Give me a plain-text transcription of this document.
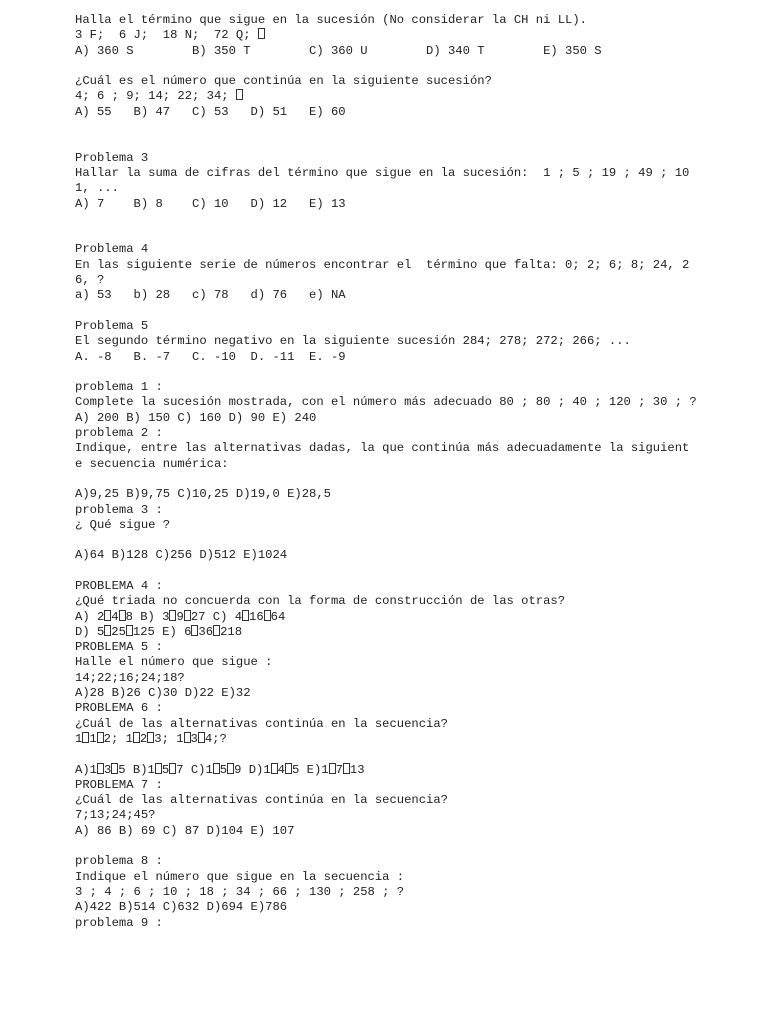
Halla el término que sigue en la sucesión (No considerar la CH ni LL).
3 F;  6 J;  18 N;  72 Q;
A) 360 S        B) 350 T        C) 360 U        D) 340 T        E) 350 S
¿Cuál es el número que continúa en la siguiente sucesión?
4; 6 ; 9; 14; 22; 34;
A) 55   B) 47   C) 53   D) 51   E) 60
Problema 3
Hallar la suma de cifras del término que sigue en la sucesión:  1 ; 5 ; 19 ; 49 ; 10
1, ...
A) 7    B) 8    C) 10   D) 12   E) 13
Problema 4
En las siguiente serie de números encontrar el  término que falta: 0; 2; 6; 8; 24, 2
6, ?
a) 53   b) 28   c) 78   d) 76   e) NA
Problema 5
El segundo término negativo en la siguiente sucesión 284; 278; 272; 266; ...
A. -8   B. -7   C. -10  D. -11  E. -9
problema 1 :
Complete la sucesión mostrada, con el número más adecuado 80 ; 80 ; 40 ; 120 ; 30 ; ?
A) 200 B) 150 C) 160 D) 90 E) 240
problema 2 :
Indique, entre las alternativas dadas, la que continúa más adecuadamente la siguient
e secuencia numérica:
A)9,25 B)9,75 C)10,25 D)19,0 E)28,5
problema 3 :
¿ Qué sigue ?
A)64 B)128 C)256 D)512 E)1024
PROBLEMA 4 :
¿Qué triada no concuerda con la forma de construcción de las otras?
A) 2 4 8 B) 3 9 27 C) 4 16 64
D) 5 25 125 E) 6 36 218
PROBLEMA 5 :
Halle el número que sigue :
14;22;16;24;18?
A)28 B)26 C)30 D)22 E)32
PROBLEMA 6 :
¿Cuál de las alternativas continúa en la secuencia?
1 1 2; 1 2 3; 1 3 4;?
A)1 3 5 B)1 5 7 C)1 5 9 D)1 4 5 E)1 7 13
PROBLEMA 7 :
¿Cuál de las alternativas continúa en la secuencia?
7;13;24;45?
A) 86 B) 69 C) 87 D)104 E) 107
problema 8 :
Indique el número que sigue en la secuencia :
3 ; 4 ; 6 ; 10 ; 18 ; 34 ; 66 ; 130 ; 258 ; ?
A)422 B)514 C)632 D)694 E)786
problema 9 :
